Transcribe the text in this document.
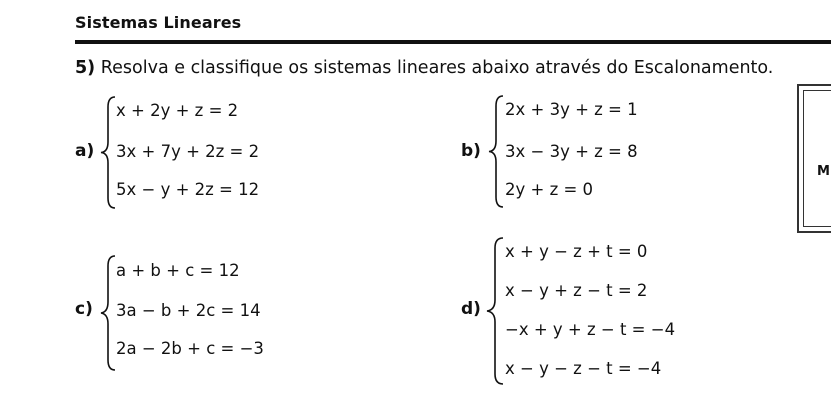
Sistemas Lineares
5) Resolva e classifique os sistemas lineares abaixo através do Escalonamento.
a)
x + 2y + z = 2
3x + 7y + 2z = 2
5x − y + 2z = 12
b)
2x + 3y + z = 1
3x − 3y + z = 8
2y + z = 0
c)
a + b + c = 12
3a − b + 2c = 14
2a − 2b + c = −3
d)
x + y − z + t = 0
x − y + z − t = 2
−x + y + z − t = −4
x − y − z − t = −4
M
